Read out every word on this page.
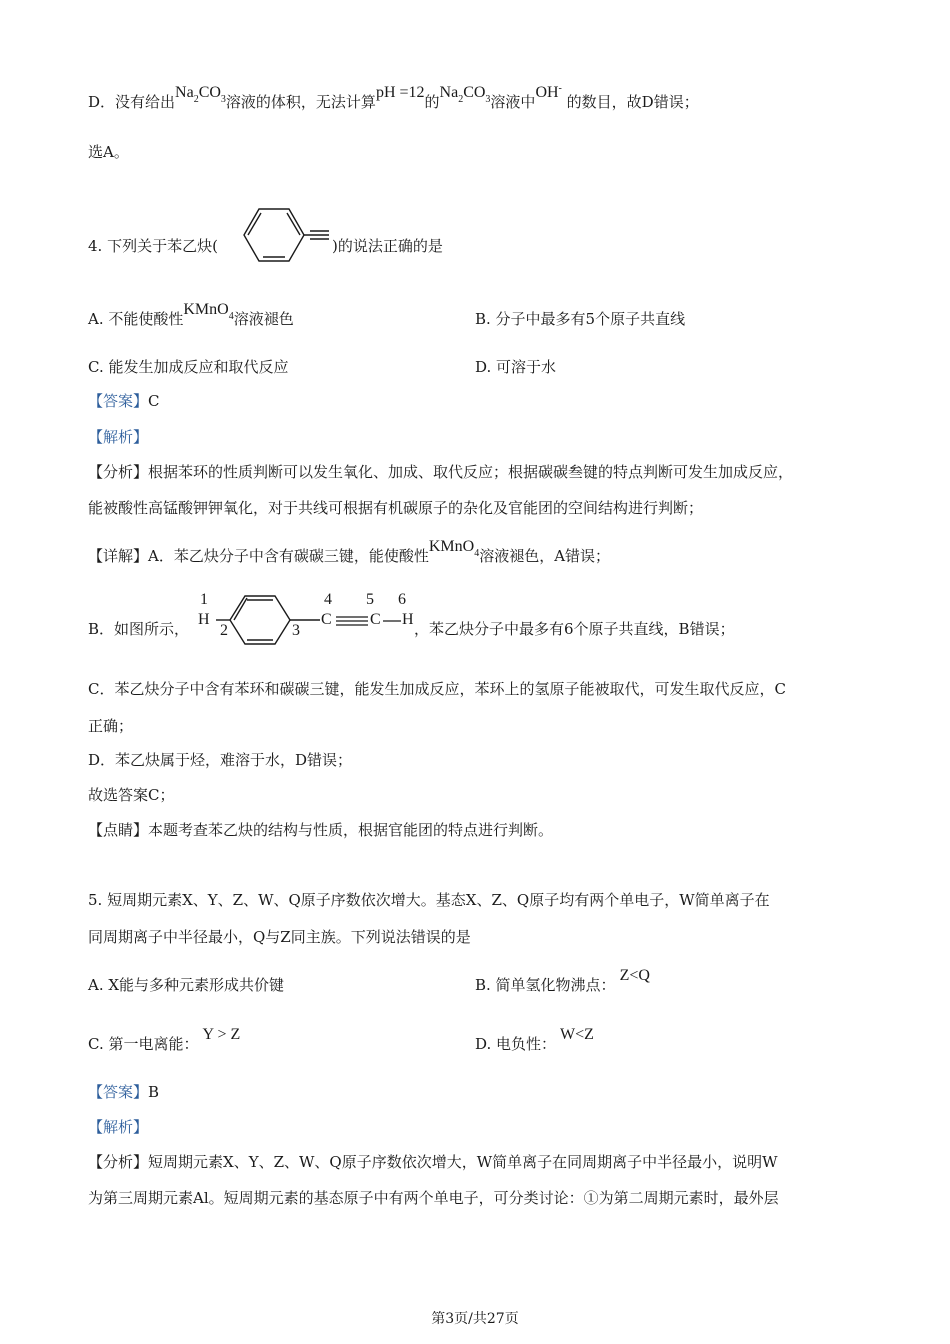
D．没有给出$Na_2CO_3$溶液的体积，无法计算pH =12的$Na_2CO_3$溶液中OH- 的数目，故D错误；
选A。
4. 下列关于苯乙炔(	)的说法正确的是
A. 不能使酸性KMnO$_4$溶液褪色	B. 分子中最多有5个原子共直线
C. 能发生加成反应和取代反应	D. 可溶于水
【答案】C
【解析】
【分析】根据苯环的性质判断可以发生氧化、加成、取代反应；根据碳碳叁键的特点判断可发生加成反应，
能被酸性高锰酸钾钾氧化，对于共线可根据有机碳原子的杂化及官能团的空间结构进行判断；
【详解】A．苯乙炔分子中含有碳碳三键，能使酸性KMnO$_4$溶液褪色，A错误；
B．如图所示，
1
H
2	3
4
C
5
C
6
H
，苯乙炔分子中最多有6个原子共直线，B错误；
C．苯乙炔分子中含有苯环和碳碳三键，能发生加成反应，苯环上的氢原子能被取代，可发生取代反应，C
正确；
D．苯乙炔属于烃，难溶于水，D错误；
故选答案C；
【点睛】本题考查苯乙炔的结构与性质，根据官能团的特点进行判断。
5. 短周期元素X、Y、Z、W、Q原子序数依次增大。基态X、Z、Q原子均有两个单电子，W简单离子在
同周期离子中半径最小，Q与Z同主族。下列说法错误的是
A. X能与多种元素形成共价键	B. 简单氢化物沸点：Z<Q
C. 第一电离能：Y > Z
D. 电负性：W<Z
【答案】B
【解析】
【分析】短周期元素X、Y、Z、W、Q原子序数依次增大，W简单离子在同周期离子中半径最小，说明W
为第三周期元素Al。短周期元素的基态原子中有两个单电子，可分类讨论：①为第二周期元素时，最外层
第3页/共27页
